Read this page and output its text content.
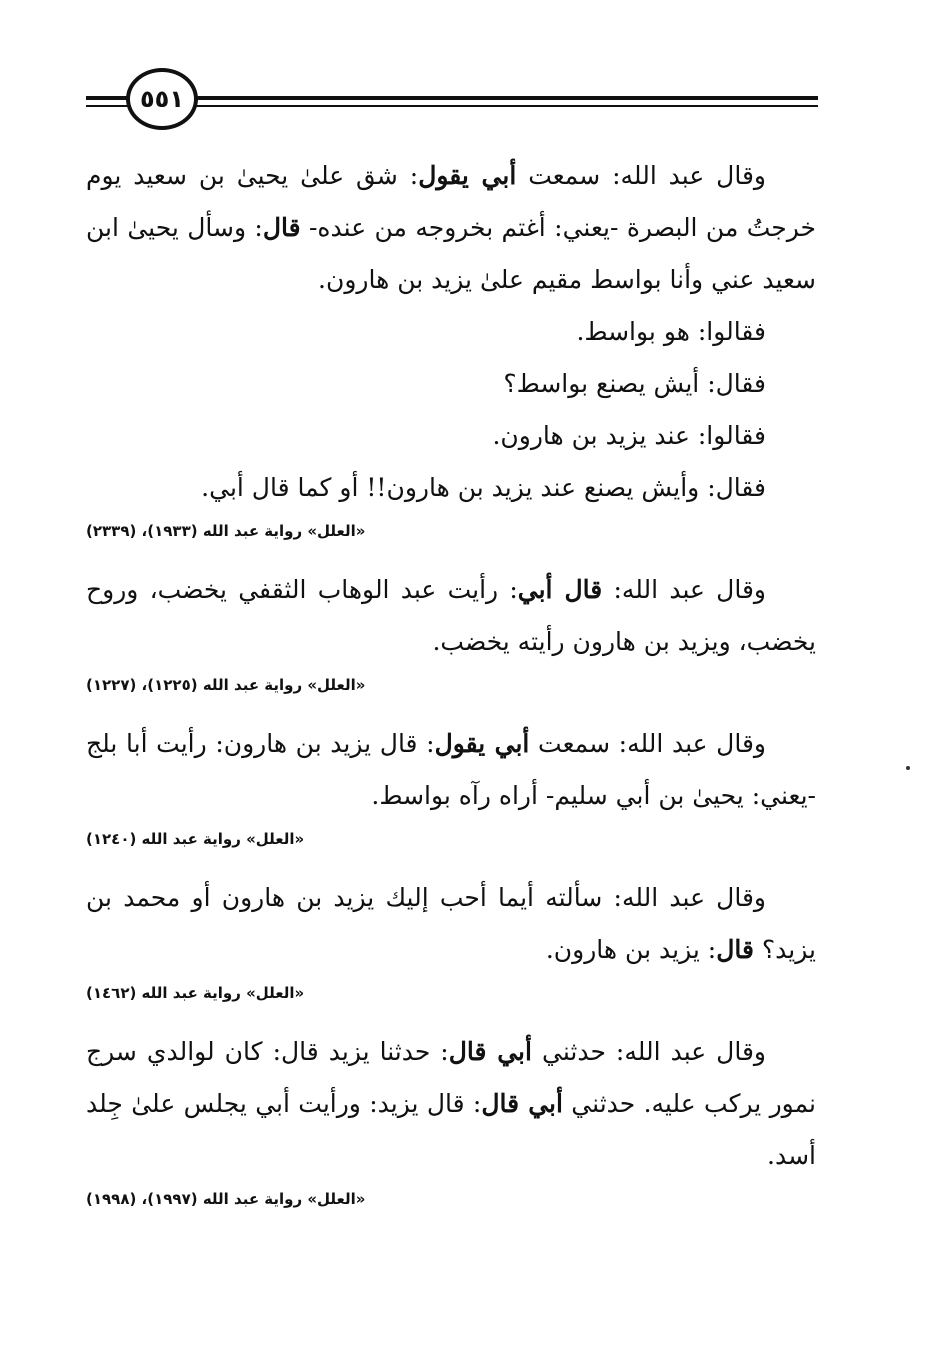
٥٥١

وقال عبد الله: سمعت أبي يقول: شق علىٰ يحيىٰ بن سعيد يوم خرجتُ من البصرة -يعني: أغتم بخروجه من عنده- قال: وسأل يحيىٰ ابن سعيد عني وأنا بواسط مقيم علىٰ يزيد بن هارون.

فقالوا: هو بواسط.

فقال: أيش يصنع بواسط؟

فقالوا: عند يزيد بن هارون.

فقال: وأيش يصنع عند يزيد بن هارون!! أو كما قال أبي.

«العلل» رواية عبد الله (١٩٣٣)، (٢٣٣٩)

وقال عبد الله: قال أبي: رأيت عبد الوهاب الثقفي يخضب، وروح يخضب، ويزيد بن هارون رأيته يخضب.

«العلل» رواية عبد الله (١٢٢٥)، (١٢٢٧)

وقال عبد الله: سمعت أبي يقول: قال يزيد بن هارون: رأيت أبا بلج -يعني: يحيىٰ بن أبي سليم- أراه رآه بواسط.

«العلل» رواية عبد الله (١٢٤٠)

وقال عبد الله: سألته أيما أحب إليك يزيد بن هارون أو محمد بن يزيد؟ قال: يزيد بن هارون.

«العلل» رواية عبد الله (١٤٦٢)

وقال عبد الله: حدثني أبي قال: حدثنا يزيد قال: كان لوالدي سرج نمور يركب عليه. حدثني أبي قال: قال يزيد: ورأيت أبي يجلس علىٰ جِلد أسد.

«العلل» رواية عبد الله (١٩٩٧)، (١٩٩٨)
